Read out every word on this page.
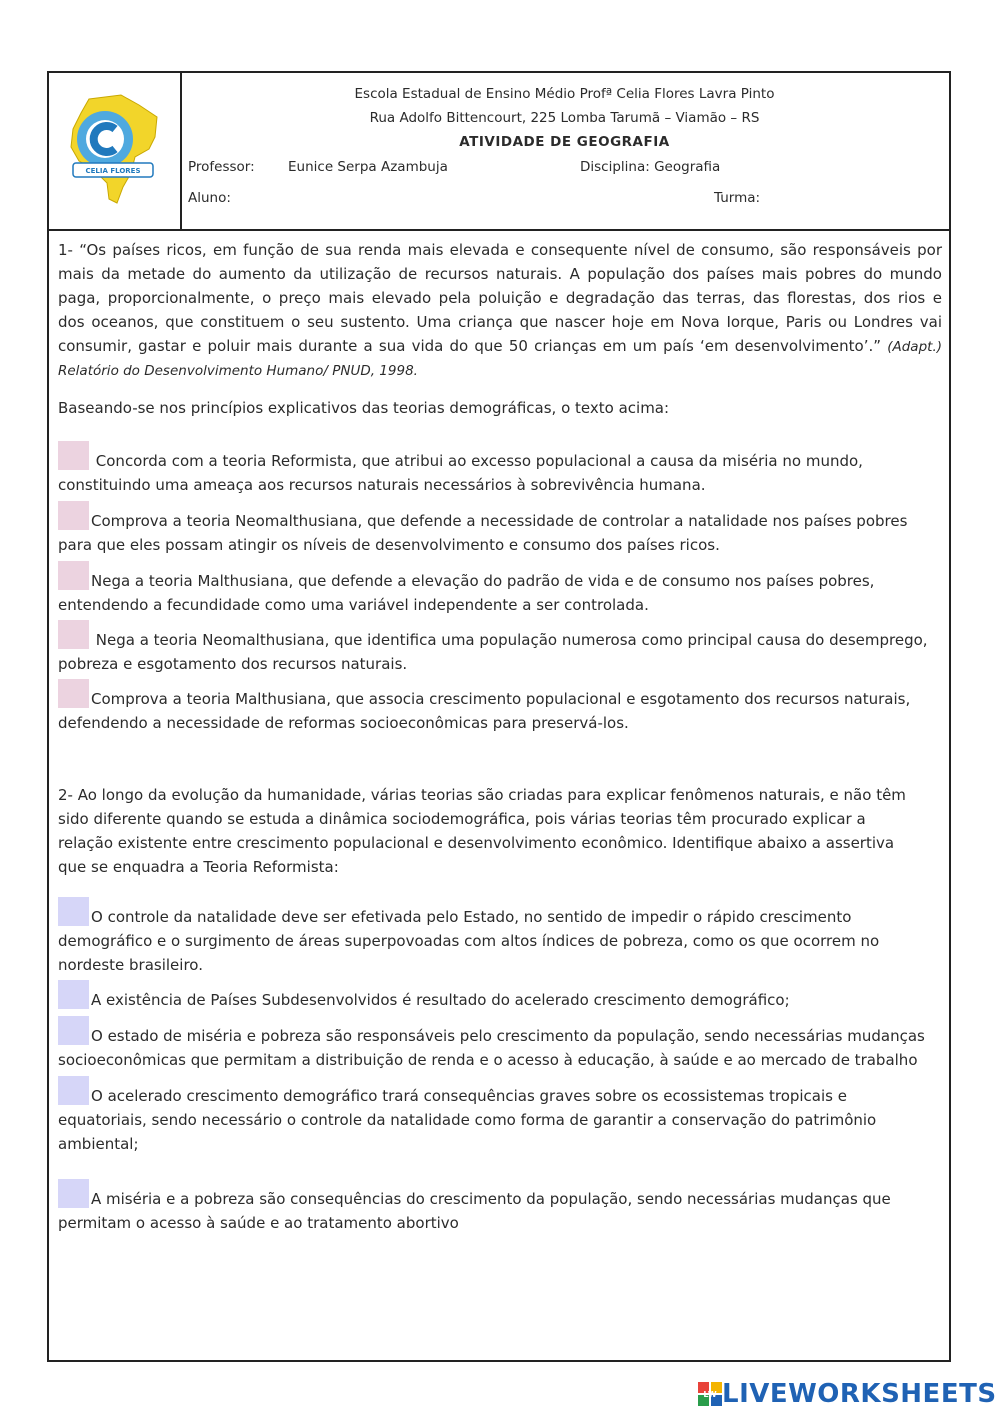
CELIA FLORES
Escola Estadual de Ensino Médio Profª Celia Flores Lavra Pinto
Rua Adolfo Bittencourt, 225 Lomba Tarumã – Viamão – RS
ATIVIDADE DE GEOGRAFIA
Professor: Eunice Serpa Azambuja	Disciplina: Geografia
Aluno:	Turma:
1- “Os países ricos, em função de sua renda mais elevada e consequente nível de consumo, são responsáveis por
mais da metade do aumento da utilização de recursos naturais. A população dos países mais pobres do mundo
paga, proporcionalmente, o preço mais elevado pela poluição e degradação das terras, das florestas, dos rios e
dos oceanos, que constituem o seu sustento. Uma criança que nascer hoje em Nova Iorque, Paris ou Londres vai
consumir, gastar e poluir mais durante a sua vida do que 50 crianças em um país ‘em desenvolvimento’.” (Adapt.)
Relatório do Desenvolvimento Humano/ PNUD, 1998.
Baseando-se nos princípios explicativos das teorias demográficas, o texto acima:
Concorda com a teoria Reformista, que atribui ao excesso populacional a causa da miséria no mundo,
constituindo uma ameaça aos recursos naturais necessários à sobrevivência humana.
Comprova a teoria Neomalthusiana, que defende a necessidade de controlar a natalidade nos países pobres
para que eles possam atingir os níveis de desenvolvimento e consumo dos países ricos.
Nega a teoria Malthusiana, que defende a elevação do padrão de vida e de consumo nos países pobres,
entendendo a fecundidade como uma variável independente a ser controlada.
Nega a teoria Neomalthusiana, que identifica uma população numerosa como principal causa do desemprego,
pobreza e esgotamento dos recursos naturais.
Comprova a teoria Malthusiana, que associa crescimento populacional e esgotamento dos recursos naturais,
defendendo a necessidade de reformas socioeconômicas para preservá-los.
2- Ao longo da evolução da humanidade, várias teorias são criadas para explicar fenômenos naturais, e não têm
sido diferente quando se estuda a dinâmica sociodemográfica, pois várias teorias têm procurado explicar a
relação existente entre crescimento populacional e desenvolvimento econômico. Identifique abaixo a assertiva
que se enquadra a Teoria Reformista:
O controle da natalidade deve ser efetivada pelo Estado, no sentido de impedir o rápido crescimento
demográfico e o surgimento de áreas superpovoadas com altos índices de pobreza, como os que ocorrem no
nordeste brasileiro.
A existência de Países Subdesenvolvidos é resultado do acelerado crescimento demográfico;
O estado de miséria e pobreza são responsáveis pelo crescimento da população, sendo necessárias mudanças
socioeconômicas que permitam a distribuição de renda e o acesso à educação, à saúde e ao mercado de trabalho
O acelerado crescimento demográfico trará consequências graves sobre os ecossistemas tropicais e
equatoriais, sendo necessário o controle da natalidade como forma de garantir a conservação do patrimônio
ambiental;
A miséria e a pobreza são consequências do crescimento da população, sendo necessárias mudanças que
permitam o acesso à saúde e ao tratamento abortivo
LW LIVEWORKSHEETS
